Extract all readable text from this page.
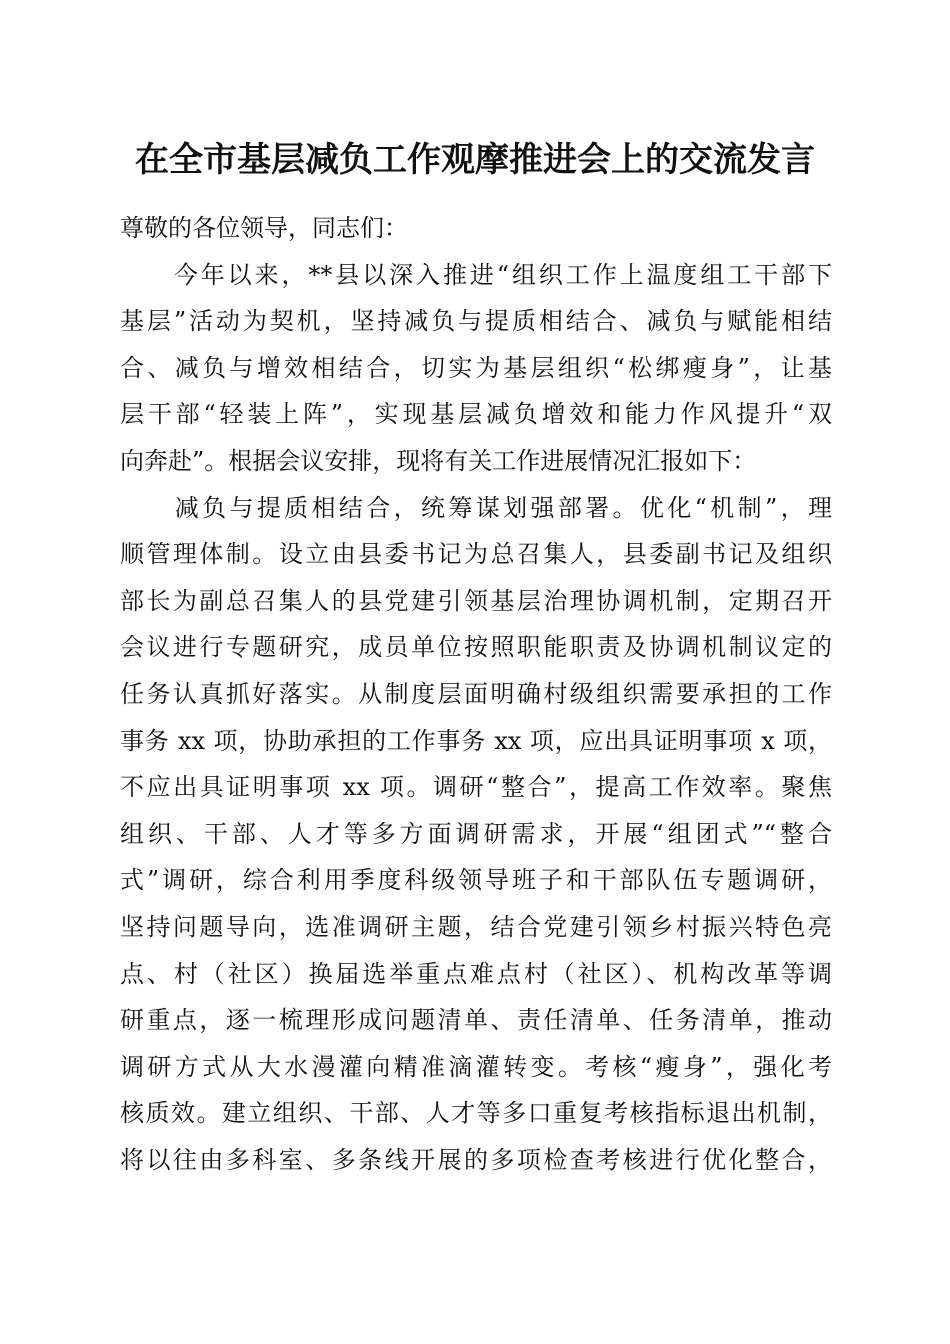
在全市基层减负工作观摩推进会上的交流发言
尊敬的各位领导，同志们：
　　今年以来，**县以深入推进“组织工作上温度组工干部下
基层”活动为契机，坚持减负与提质相结合、减负与赋能相结
合、减负与增效相结合，切实为基层组织“松绑瘦身”，让基
层干部“轻装上阵”，实现基层减负增效和能力作风提升“双
向奔赴”。根据会议安排，现将有关工作进展情况汇报如下：
　　减负与提质相结合，统筹谋划强部署。优化“机制”，理
顺管理体制。设立由县委书记为总召集人，县委副书记及组织
部长为副总召集人的县党建引领基层治理协调机制，定期召开
会议进行专题研究，成员单位按照职能职责及协调机制议定的
任务认真抓好落实。从制度层面明确村级组织需要承担的工作
事务 xx 项，协助承担的工作事务 xx 项，应出具证明事项 x 项，
不应出具证明事项 xx 项。调研“整合”，提高工作效率。聚焦
组织、干部、人才等多方面调研需求，开展“组团式”“整合
式”调研，综合利用季度科级领导班子和干部队伍专题调研，
坚持问题导向，选准调研主题，结合党建引领乡村振兴特色亮
点、村（社区）换届选举重点难点村（社区）、机构改革等调
研重点，逐一梳理形成问题清单、责任清单、任务清单，推动
调研方式从大水漫灌向精准滴灌转变。考核“瘦身”，强化考
核质效。建立组织、干部、人才等多口重复考核指标退出机制，
将以往由多科室、多条线开展的多项检查考核进行优化整合，
